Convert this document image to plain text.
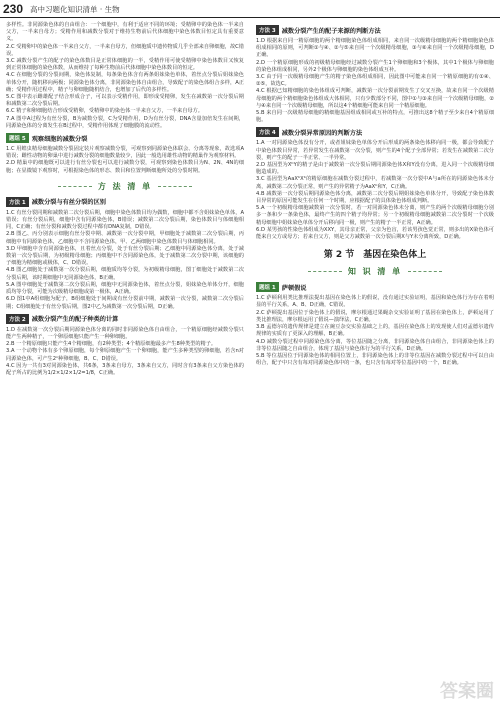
230 高中习题化知识清单 · 生物

多样性。非同源染色体的自由组合：一个细胞中，有利于适应不同的环境；受精卵中的染色体一半来自父方，一半来自母方；受精作用和减数分裂对于维持生物前后代体细胞中染色体数目恒定具有重要意义。

2.C 受精卵中的染色体一半来自父方，一半来自母方，但细胞质中遗传物质几乎全部来自卵细胞，故C错误。

3.C 减数分裂产生的配子的染色体数目是正常体细胞的一半，受精作用可使受精卵中染色体数目又恢复到正常体细胞的染色体数，从而维持了每种生物前后代体细胞中染色体数目的恒定。

4.C 在细胞分裂的分裂间期，染色体复制，每条染色体含有两条姐妹染色单体，着丝点分裂后姐妹染色单体分开，随机移向两极；同源染色体分离，非同源染色体自由组合，导致配子的染色体组合多样，A正确；受精作用过程中，精子与卵细胞随机结合，也增加了后代的多样性。

5.C 图中表示雌雄配子结合形成合子，可以表示受精作用，即形成受精卵，发生在减数第一次分裂后期和减数第二次分裂后期。

6.C 精子和卵细胞结合形成受精卵，受精卵中的染色体一半来自父方，一半来自母方。

7.A 图中A过程为有丝分裂，B为减数分裂，C为受精作用，D为有丝分裂，DNA含量加倍发生在间期，同源染色体的分离发生在B过程中，受精作用体现了细胞膜的流动性。

题组 5 观察细胞的减数分裂

1.C 用蝗虫精母细胞减数分裂固定装片观察减数分裂，可观察到同源染色体联会、分离等现象，故选项A错误；雌性动物的卵巢中进行减数分裂的细胞数量较少，因此一般选用雄性动物的精巢作为观察材料。

2.D 精巢中的细胞既可以进行有丝分裂也可以进行减数分裂，可观察到染色体数目为N、2N、4N的细胞；在显微镜下观察时，可根据染色体的形态、数目和位置判断细胞所处的分裂时期。

方 法 清 单
方法 1 减数分裂与有丝分裂的区别

1.C 有丝分裂同期和减数第二次分裂后期，细胞中染色体数目均为偶数，细胞中都不含姐妹染色单体，A错误；有丝分裂后期，细胞中含有同源染色体，B错误；减数第二次分裂后期，染色体数目与体细胞相同，C正确；有丝分裂和减数分裂过程中都有DNA复制，D错误。

2.B 图乙、丙分别表示细胞有丝分裂中期、减数第一次分裂中期，甲细胞处于减数第二次分裂后期，丙细胞中有同源染色体，乙细胞中不含同源染色体，甲、乙两细胞中染色体数目与体细胞相同。

3.D 甲细胞中含有同源染色体，且着丝点分裂，处于有丝分裂后期；乙细胞中同源染色体分离，处于减数第一次分裂后期，为初级精母细胞；丙细胞中不含同源染色体，处于减数第二次分裂中期，该细胞的子细胞为精细胞或极体，C、D错误。

4.B 图乙细胞处于减数第一次分裂后期，细胞质均等分裂，为初级精母细胞，图丁细胞处于减数第二次分裂后期，该时期细胞中无同源染色体，B正确。

5.A 图中细胞处于减数第二次分裂后期，细胞中无同源染色体，着丝点分裂，姐妹染色单体分开，细胞质均等分裂，可能为次级精母细胞或第一极体，A正确。

6.D 图1中A组细胞为配子，B组细胞处于间期或有丝分裂前中期，减数第一次分裂，减数第二次分裂后期；C组细胞处于有丝分裂后期，图2中乙为减数第一次分裂后期，D正确。

方法 2 减数分裂产生的配子种类的计算

1.D 在减数第一次分裂后期同源染色体分离的同时非同源染色体自由组合，一个精原细胞经减数分裂只能产生两种精子，一个卵原细胞只能产生一种卵细胞。

2.B 一个精原细胞只能产生4个精细胞，有2种类型；4个精原细胞最多产生8种类型的精子。

3.A 一个动物个体有多个卵原细胞，每个卵原细胞产生一个卵细胞，能产生多种类型的卵细胞，若含n对同源染色体，可产生2ⁿ种卵细胞，B、C、D错误。

4.C 因为一共有3对同源染色体，共6条，3条来自母方，3条来自父方，同时含有3条来自父方染色体的配子所占的比例为1/2×1/2×1/2=1/8，C正确。

方法 3 减数分裂产生的配子来源的判断方法

1.D 根据来自同一精原细胞的两个精细胞染色体组成相同，来自同一次级精母细胞的两个精细胞染色体组成相同的原则，可判断①与④、②与⑤来自同一个次级精母细胞，③与⑥来自同一个次级精母细胞，D正确。

2.D 一个精原细胞形成的初级精母细胞经过减数分裂产生1个卵细胞和3个极体，其中1个极体与卵细胞的染色体组成相同，另外2个极体与卵细胞的染色体组成互补。

3.C 由于同一次级精母细胞产生的精子染色体组成相同，因此图中可能来自同一个精原细胞的有①④、②⑤，故选C。

4.C 根据已知精细胞的染色体组成可判断，减数第一次分裂前期发生了交叉互换，故来自同一个次级精母细胞的两个精细胞染色体组成大体相同，只有少数部分不同，图中①与③来自同一个次级精母细胞，②与④来自同一个次级精母细胞，所以这4个精细胞可能来自同一个精原细胞。

5.B 来自同一次级精母细胞的精细胞基因组成相同或互补的特点，可推出这8个精子至少来自4个精原细胞。

方法 4 减数分裂异常原因的判断方法

1.A 一对同源染色体没有分开，或者姐妹染色单体分开后形成的两条染色体移向同一极，都会导致配子中染色体数目异常，若异常发生在减数第一次分裂，则产生的4个配子全部异常；若发生在减数第二次分裂，则产生的配子一半正常、一半异常。

2.D 基因型为XᵇY的精子是由于减数第一次分裂后期同源染色体X和Y没有分离，进入同一个次级精母细胞造成的。

3.C 基因型为AaXᵇXᵇ的精原细胞在减数分裂过程中，若减数第一次分裂中A与a所在的同源染色体未分离，减数第二次分裂正常，则产生的异常精子为AaXᵇ和Y，C正确。

4.B 减数第一次分裂后期同源染色体分离，减数第二次分裂后期姐妹染色单体分开，导致配子染色体数目异常的原因可能发生在任何一个时期，应根据配子的具体染色体组成判断。

5.A 一个初级精母细胞减数第一次分裂时，若一对同源染色体未分离，则产生的两个次级精母细胞分别多一条和少一条染色体，最终产生的四个精子均异常；另一个初级精母细胞减数第二次分裂时一个次级精母细胞中姐妹染色单体分开后移向同一极，则产生的精子一半正常，A正确。

6.D 某男孩的性染色体组成为XXY，其母亲正常，父亲为色盲，若该男孩色觉正常，则多出的X染色体可能来自父方或母方；若来自父方，则是父方减数第一次分裂后期X与Y未分离所致，D正确。

第 2 节　基因在染色体上
知 识 清 单
题组 1 萨顿假说

1.C 萨顿利用类比推理法提出基因在染色体上的假说，没有通过实验证明，基因和染色体行为存在着明显的平行关系，A、B、D正确，C错误。

2.C 萨顿提出基因位于染色体上的假说，摩尔根通过果蝇杂交实验证明了基因在染色体上，萨顿运用了类比推理法，摩尔根运用了假说—演绎法，C正确。

3.B 孟德尔的遗传规律是建立在豌豆杂交实验基础之上的，基因在染色体上的发现使人们对孟德尔遗传规律的实质有了更深入的理解，B正确。

4.D 减数分裂过程中同源染色体分离，等位基因随之分离，非同源染色体自由组合，非同源染色体上的非等位基因随之自由组合，体现了基因与染色体行为的平行关系，D正确。

5.B 等位基因位于同源染色体的相同位置上，非同源染色体上的非等位基因在减数分裂过程中可以自由组合，配子中只含有每对同源染色体中的一条，也只含有每对等位基因中的一个，B正确。

答案圈
